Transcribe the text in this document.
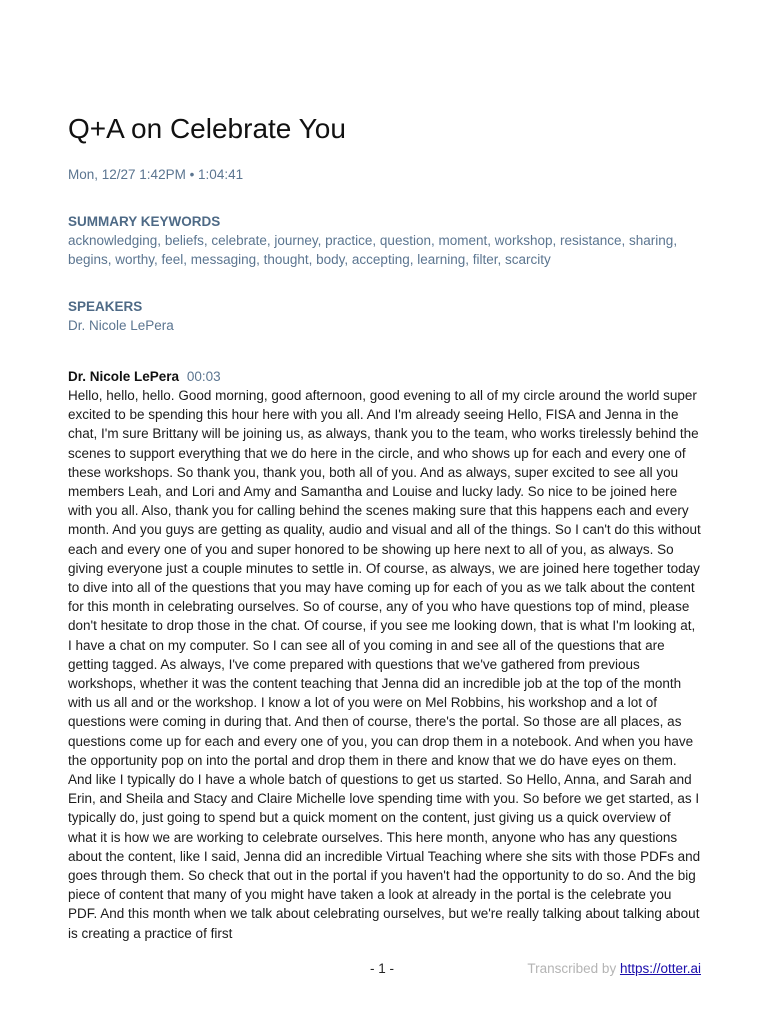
Q+A on Celebrate You
Mon, 12/27 1:42PM • 1:04:41
SUMMARY KEYWORDS
acknowledging, beliefs, celebrate, journey, practice, question, moment, workshop, resistance, sharing, begins, worthy, feel, messaging, thought, body, accepting, learning, filter, scarcity
SPEAKERS
Dr. Nicole LePera
Dr. Nicole LePera 00:03
Hello, hello, hello. Good morning, good afternoon, good evening to all of my circle around the world super excited to be spending this hour here with you all. And I'm already seeing Hello, FISA and Jenna in the chat, I'm sure Brittany will be joining us, as always, thank you to the team, who works tirelessly behind the scenes to support everything that we do here in the circle, and who shows up for each and every one of these workshops. So thank you, thank you, both all of you. And as always, super excited to see all you members Leah, and Lori and Amy and Samantha and Louise and lucky lady. So nice to be joined here with you all. Also, thank you for calling behind the scenes making sure that this happens each and every month. And you guys are getting as quality, audio and visual and all of the things. So I can't do this without each and every one of you and super honored to be showing up here next to all of you, as always. So giving everyone just a couple minutes to settle in. Of course, as always, we are joined here together today to dive into all of the questions that you may have coming up for each of you as we talk about the content for this month in celebrating ourselves. So of course, any of you who have questions top of mind, please don't hesitate to drop those in the chat. Of course, if you see me looking down, that is what I'm looking at, I have a chat on my computer. So I can see all of you coming in and see all of the questions that are getting tagged. As always, I've come prepared with questions that we've gathered from previous workshops, whether it was the content teaching that Jenna did an incredible job at the top of the month with us all and or the workshop. I know a lot of you were on Mel Robbins, his workshop and a lot of questions were coming in during that. And then of course, there's the portal. So those are all places, as questions come up for each and every one of you, you can drop them in a notebook. And when you have the opportunity pop on into the portal and drop them in there and know that we do have eyes on them. And like I typically do I have a whole batch of questions to get us started. So Hello, Anna, and Sarah and Erin, and Sheila and Stacy and Claire Michelle love spending time with you. So before we get started, as I typically do, just going to spend but a quick moment on the content, just giving us a quick overview of what it is how we are working to celebrate ourselves. This here month, anyone who has any questions about the content, like I said, Jenna did an incredible Virtual Teaching where she sits with those PDFs and goes through them. So check that out in the portal if you haven't had the opportunity to do so. And the big piece of content that many of you might have taken a look at already in the portal is the celebrate you PDF. And this month when we talk about celebrating ourselves, but we're really talking about talking about is creating a practice of first
- 1 -	Transcribed by https://otter.ai
